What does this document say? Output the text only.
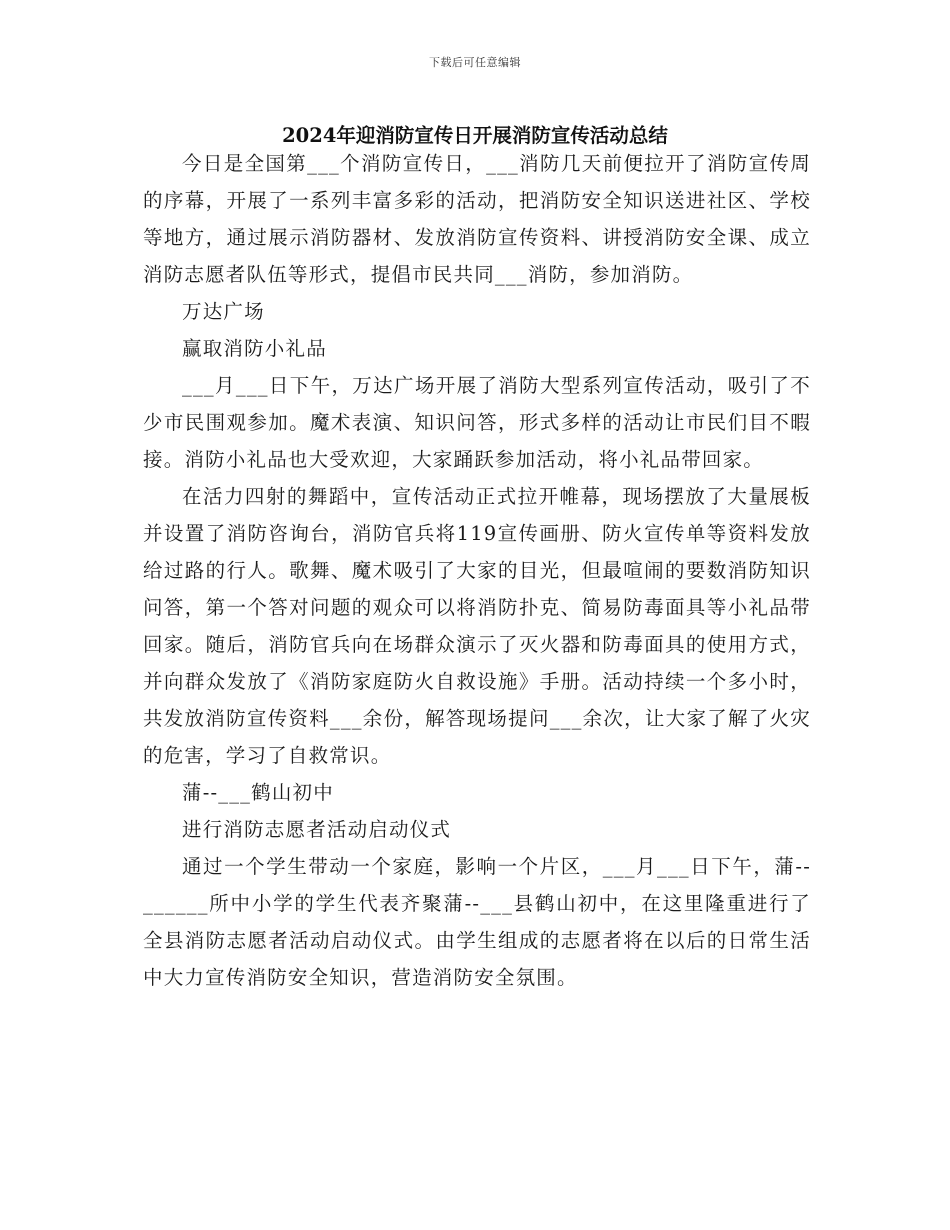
下载后可任意编辑
2024年迎消防宣传日开展消防宣传活动总结

今日是全国第___个消防宣传日，___消防几天前便拉开了消防宣传周的序幕，开展了一系列丰富多彩的活动，把消防安全知识送进社区、学校等地方，通过展示消防器材、发放消防宣传资料、讲授消防安全课、成立消防志愿者队伍等形式，提倡市民共同___消防，参加消防。

万达广场

赢取消防小礼品

___月___日下午，万达广场开展了消防大型系列宣传活动，吸引了不少市民围观参加。魔术表演、知识问答，形式多样的活动让市民们目不暇接。消防小礼品也大受欢迎，大家踊跃参加活动，将小礼品带回家。

在活力四射的舞蹈中，宣传活动正式拉开帷幕，现场摆放了大量展板并设置了消防咨询台，消防官兵将119宣传画册、防火宣传单等资料发放给过路的行人。歌舞、魔术吸引了大家的目光，但最喧闹的要数消防知识问答，第一个答对问题的观众可以将消防扑克、简易防毒面具等小礼品带回家。随后，消防官兵向在场群众演示了灭火器和防毒面具的使用方式，并向群众发放了《消防家庭防火自救设施》手册。活动持续一个多小时，共发放消防宣传资料___余份，解答现场提问___余次，让大家了解了火灾的危害，学习了自救常识。

蒲--___鹤山初中

进行消防志愿者活动启动仪式

通过一个学生带动一个家庭，影响一个片区，___月___日下午，蒲--______所中小学的学生代表齐聚蒲--___县鹤山初中，在这里隆重进行了全县消防志愿者活动启动仪式。由学生组成的志愿者将在以后的日常生活中大力宣传消防安全知识，营造消防安全氛围。
